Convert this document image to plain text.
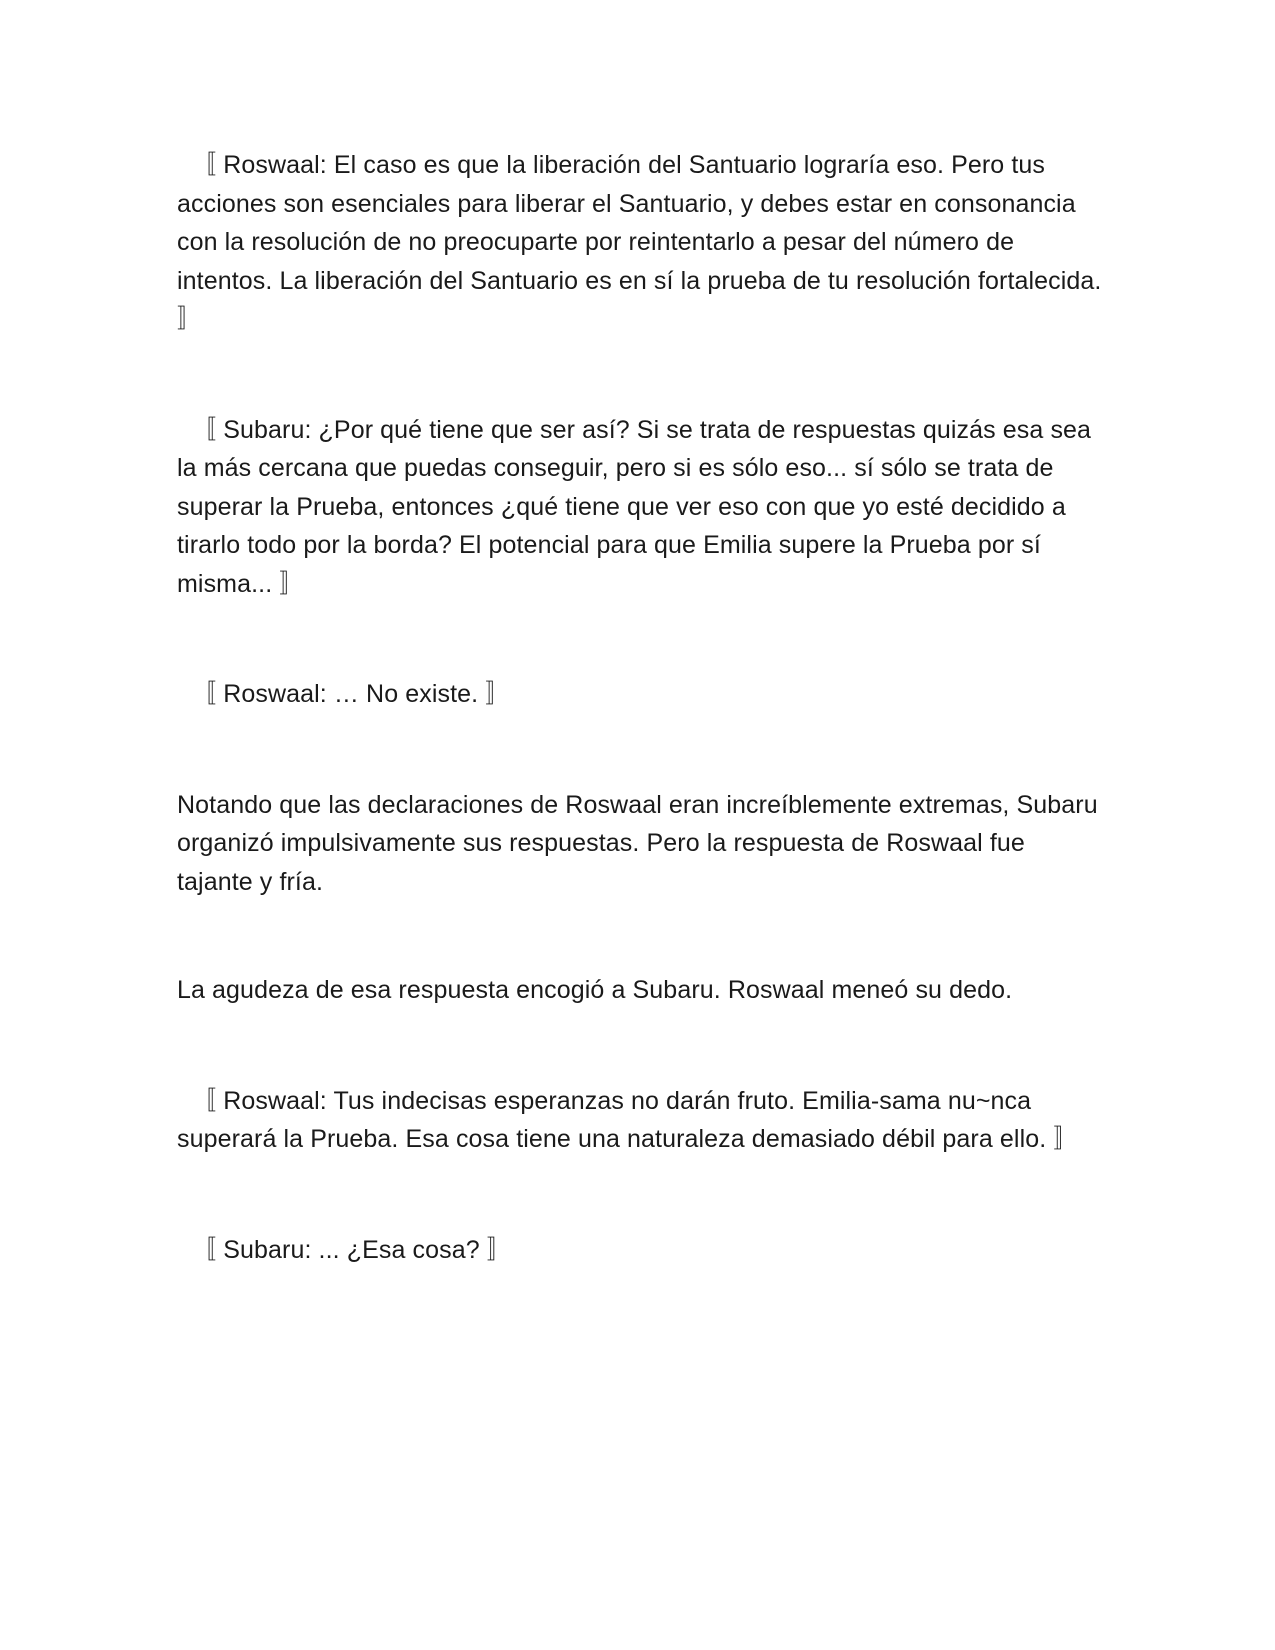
〚 Roswaal: El caso es que la liberación del Santuario lograría eso. Pero tus acciones son esenciales para liberar el Santuario, y debes estar en consonancia con la resolución de no preocuparte por reintentarlo a pesar del número de intentos. La liberación del Santuario es en sí la prueba de tu resolución fortalecida. 〛

〚 Subaru: ¿Por qué tiene que ser así? Si se trata de respuestas quizás esa sea la más cercana que puedas conseguir, pero si es sólo eso... sí sólo se trata de superar la Prueba, entonces ¿qué tiene que ver eso con que yo esté decidido a tirarlo todo por la borda? El potencial para que Emilia supere la Prueba por sí misma... 〛

〚 Roswaal: … No existe. 〛

Notando que las declaraciones de Roswaal eran increíblemente extremas, Subaru organizó impulsivamente sus respuestas. Pero la respuesta de Roswaal fue tajante y fría.

La agudeza de esa respuesta encogió a Subaru. Roswaal meneó su dedo.

〚 Roswaal: Tus indecisas esperanzas no darán fruto. Emilia-sama nu~nca superará la Prueba. Esa cosa tiene una naturaleza demasiado débil para ello. 〛

〚 Subaru: ... ¿Esa cosa? 〛
